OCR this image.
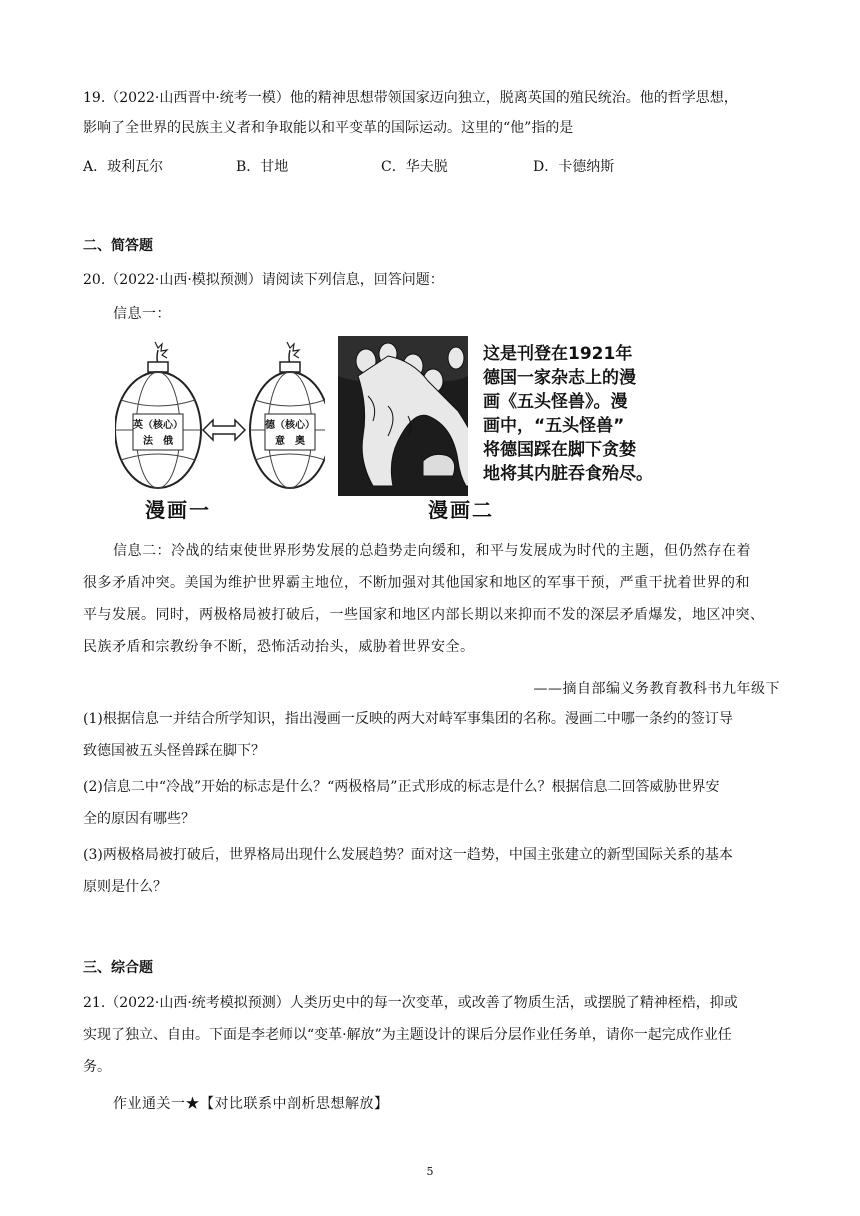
19.（2022·山西晋中·统考一模）他的精神思想带领国家迈向独立，脱离英国的殖民统治。他的哲学思想，
影响了全世界的民族主义者和争取能以和平变革的国际运动。这里的“他”指的是
A．玻利瓦尔	B．甘地	C．华夫脱	D．卡德纳斯
二、简答题
20.（2022·山西·模拟预测）请阅读下列信息，回答问题：
信息一：
英（核心）
法　俄
德（核心）
意　奥
漫画一
这是刊登在1921年
德国一家杂志上的漫
画《五头怪兽》。漫
画中，“五头怪兽”
将德国踩在脚下贪婪
地将其内脏吞食殆尽。
漫画二
信息二：冷战的结束使世界形势发展的总趋势走向缓和，和平与发展成为时代的主题，但仍然存在着
很多矛盾冲突。美国为维护世界霸主地位，不断加强对其他国家和地区的军事干预，严重干扰着世界的和
平与发展。同时，两极格局被打破后，一些国家和地区内部长期以来抑而不发的深层矛盾爆发，地区冲突、
民族矛盾和宗教纷争不断，恐怖活动抬头，威胁着世界安全。
——摘自部编义务教育教科书九年级下
(1)根据信息一并结合所学知识，指出漫画一反映的两大对峙军事集团的名称。漫画二中哪一条约的签订导
致德国被五头怪兽踩在脚下？
(2)信息二中“冷战”开始的标志是什么？“两极格局”正式形成的标志是什么？根据信息二回答威胁世界安
全的原因有哪些？
(3)两极格局被打破后，世界格局出现什么发展趋势？面对这一趋势，中国主张建立的新型国际关系的基本
原则是什么？
三、综合题
21.（2022·山西·统考模拟预测）人类历史中的每一次变革，或改善了物质生活，或摆脱了精神桎梏，抑或
实现了独立、自由。下面是李老师以“变革·解放”为主题设计的课后分层作业任务单，请你一起完成作业任
务。
作业通关一★【对比联系中剖析思想解放】
5
